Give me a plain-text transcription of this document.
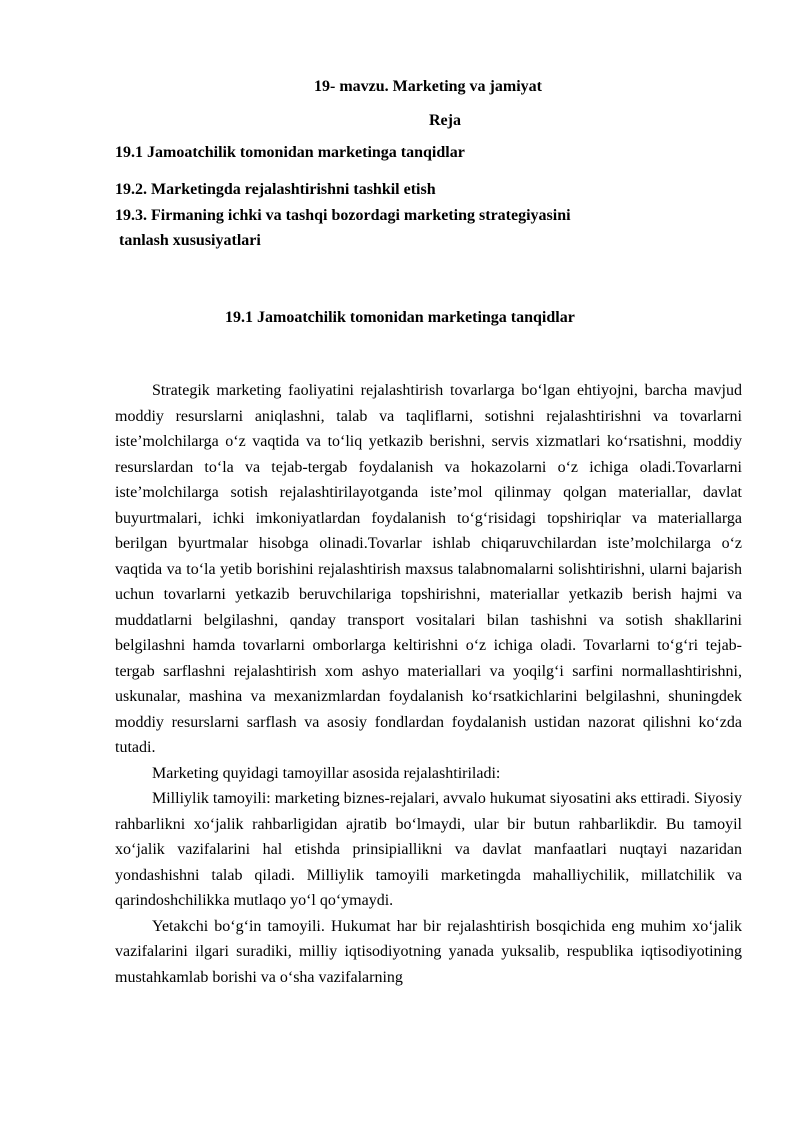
19- mavzu. Marketing va jamiyat
Reja
19.1 Jamoatchilik tomonidan marketinga tanqidlar
19.2. Marketingda rejalashtirishni tashkil etish
19.3. Firmaning ichki va tashqi bozordagi marketing strategiyasini
tanlash xususiyatlari
19.1 Jamoatchilik tomonidan marketinga tanqidlar

Strategik marketing faoliyatini rejalashtirish tovarlarga bo‘lgan ehtiyojni, barcha mavjud moddiy resurslarni aniqlashni, talab va taqliflarni, sotishni rejalashtirishni va tovarlarni iste’molchilarga o‘z vaqtida va to‘liq yetkazib berishni, servis xizmatlari ko‘rsatishni, moddiy resurslardan to‘la va tejab-tergab foydalanish va hokazolarni o‘z ichiga oladi.Tovarlarni iste’molchilarga sotish rejalashtirilayotganda iste’mol qilinmay qolgan materiallar, davlat buyurtmalari, ichki imkoniyatlardan foydalanish to‘g‘risidagi topshiriqlar va materiallarga berilgan byurtmalar hisobga olinadi.Tovarlar ishlab chiqaruvchilardan iste’molchilarga o‘z vaqtida va to‘la yetib borishini rejalashtirish maxsus talabnomalarni solishtirishni, ularni bajarish uchun tovarlarni yetkazib beruvchilariga topshirishni, materiallar yetkazib berish hajmi va muddatlarni belgilashni, qanday transport vositalari bilan tashishni va sotish shakllarini belgilashni hamda tovarlarni omborlarga keltirishni o‘z ichiga oladi. Tovarlarni to‘g‘ri tejab-tergab sarflashni rejalashtirish xom ashyo materiallari va yoqilg‘i sarfini normallashtirishni, uskunalar, mashina va mexanizmlardan foydalanish ko‘rsatkichlarini belgilashni, shuningdek moddiy resurslarni sarflash va asosiy fondlardan foydalanish ustidan nazorat qilishni ko‘zda tutadi.

Marketing quyidagi tamoyillar asosida rejalashtiriladi:

Milliylik tamoyili: marketing biznes-rejalari, avvalo hukumat siyosatini aks ettiradi. Siyosiy rahbarlikni xo‘jalik rahbarligidan ajratib bo‘lmaydi, ular bir butun rahbarlikdir. Bu tamoyil xo‘jalik vazifalarini hal etishda prinsipiallikni va davlat manfaatlari nuqtayi nazaridan yondashishni talab qiladi. Milliylik tamoyili marketingda mahalliychilik, millatchilik va qarindoshchilikka mutlaqo yo‘l qo‘ymaydi.

Yetakchi bo‘g‘in tamoyili. Hukumat har bir rejalashtirish bosqichida eng muhim xo‘jalik vazifalarini ilgari suradiki, milliy iqtisodiyotning yanada yuksalib, respublika iqtisodiyotining mustahkamlab borishi va o‘sha vazifalarning
